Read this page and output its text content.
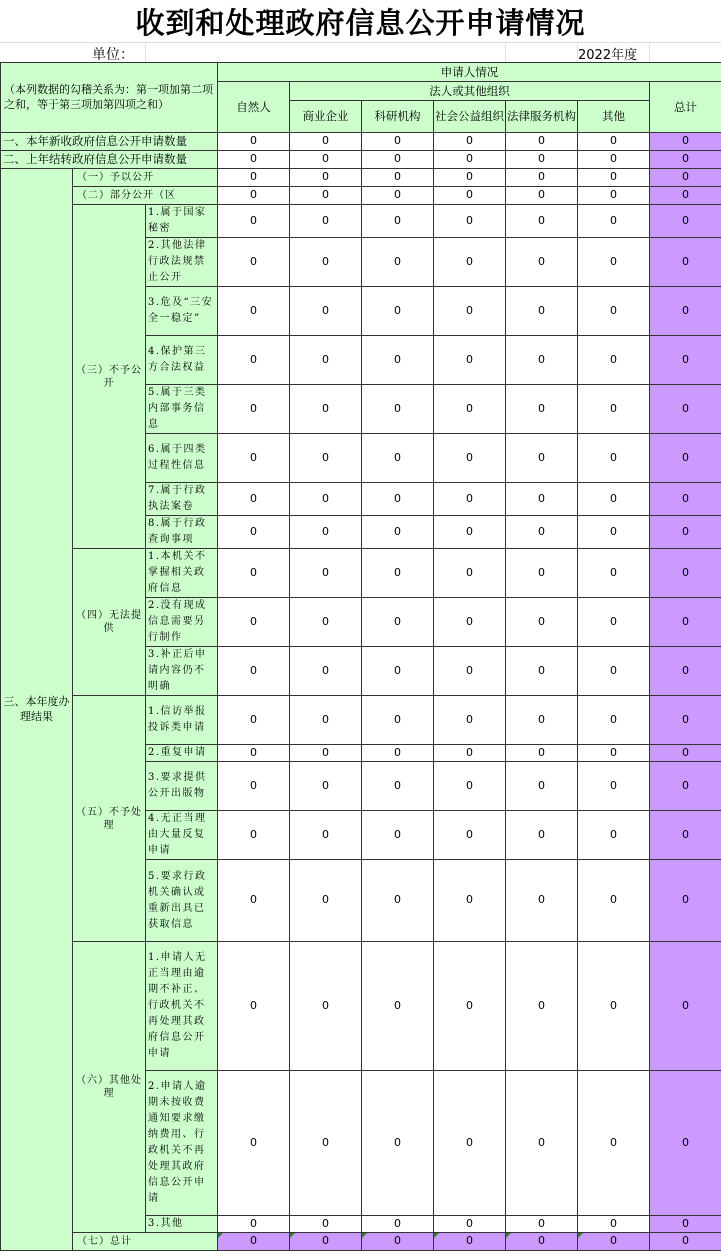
收到和处理政府信息公开申请情况
单位：	2022年度
（本列数据的勾稽关系为：第一项加第二项之和，等于第三项加第四项之和）			申请人情况						
			自然人	法人或其他组织					总计
				商业企业	科研机构	社会公益组织	法律服务机构	其他	
一、本年新收政府信息公开申请数量			0	0	0	0	0	0	0
二、上年结转政府信息公开申请数量			0	0	0	0	0	0	0
三、本年度办理结果	（一）予以公开		0	0	0	0	0	0	0
	（二）部分公开（区		0	0	0	0	0	0	0
	（三）不予公开	1.属于国家秘密	0	0	0	0	0	0	0
		2.其他法律行政法规禁止公开	0	0	0	0	0	0	0
		3.危及“三安全一稳定”	0	0	0	0	0	0	0
		4.保护第三方合法权益	0	0	0	0	0	0	0
		5.属于三类内部事务信息	0	0	0	0	0	0	0
		6.属于四类过程性信息	0	0	0	0	0	0	0
		7.属于行政执法案卷	0	0	0	0	0	0	0
		8.属于行政查询事项	0	0	0	0	0	0	0
	（四）无法提供	1.本机关不掌握相关政府信息	0	0	0	0	0	0	0
		2.没有现成信息需要另行制作	0	0	0	0	0	0	0
		3.补正后申请内容仍不明确	0	0	0	0	0	0	0
	（五）不予处理	1.信访举报投诉类申请	0	0	0	0	0	0	0
		2.重复申请	0	0	0	0	0	0	0
		3.要求提供公开出版物	0	0	0	0	0	0	0
		4.无正当理由大量反复申请	0	0	0	0	0	0	0
		5.要求行政机关确认或重新出具已获取信息	0	0	0	0	0	0	0
	（六）其他处理	1.申请人无正当理由逾期不补正、行政机关不再处理其政府信息公开申请	0	0	0	0	0	0	0
		2.申请人逾期未按收费通知要求缴纳费用、行政机关不再处理其政府信息公开申请	0	0	0	0	0	0	0
		3.其他	0	0	0	0	0	0	0
	（七）总计		0	0	0	0	0	0	0
